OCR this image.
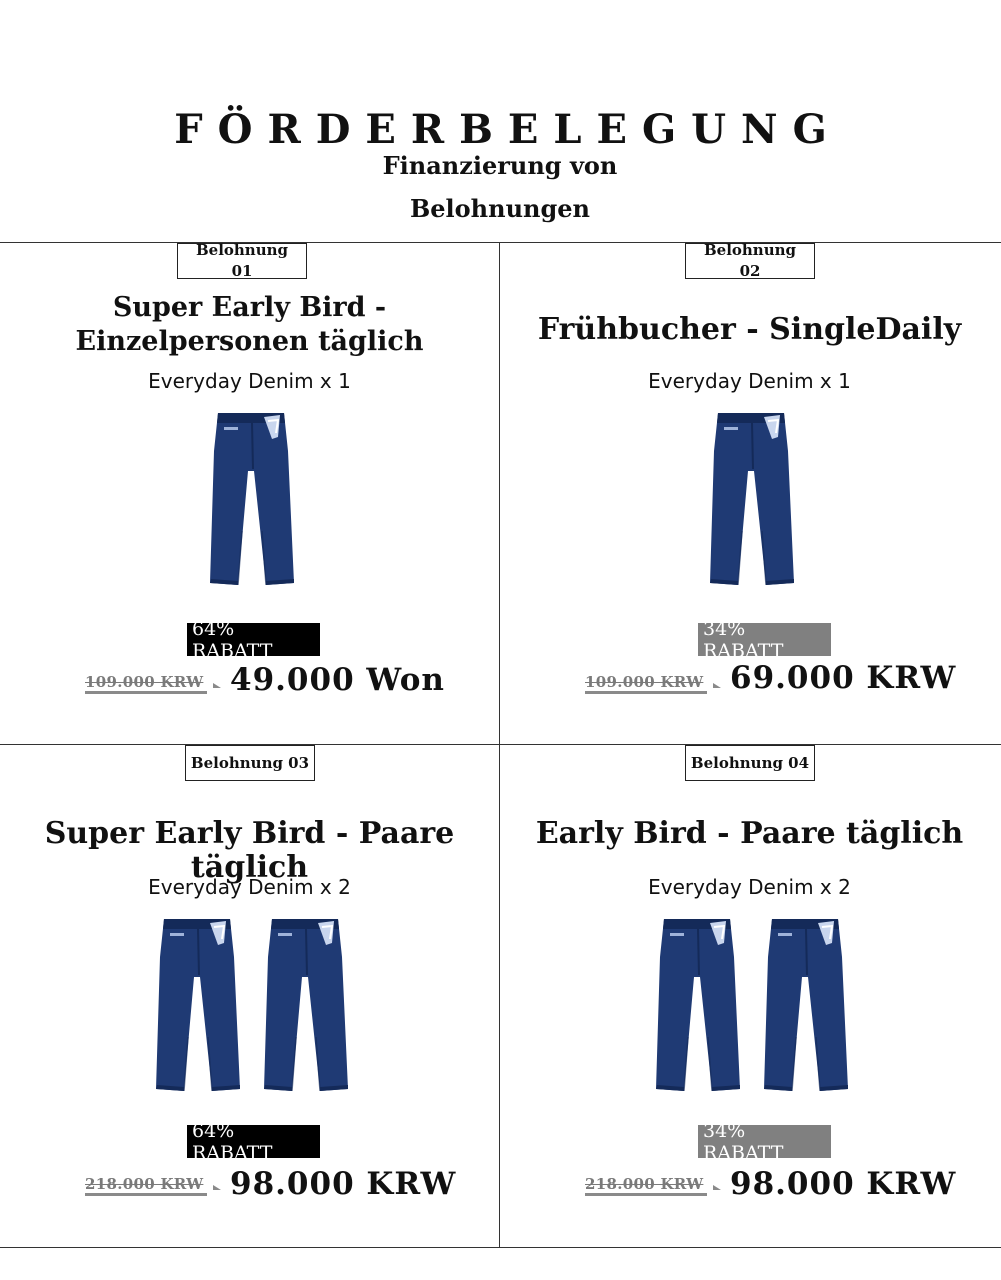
FÖRDERBELEGUNG
Finanzierung von
Belohnungen
Belohnung 01
Super Early Bird - Einzelpersonen täglich
Everyday Denim x 1
64% RABATT
109.000 KRW 49.000 Won
Belohnung 02
Frühbucher - SingleDaily
Everyday Denim x 1
34% RABATT
109.000 KRW 69.000 KRW
Belohnung 03
Super Early Bird - Paare täglich
Everyday Denim x 2
64% RABATT
218.000 KRW 98.000 KRW
Belohnung 04
Early Bird - Paare täglich
Everyday Denim x 2
34% RABATT
218.000 KRW 98.000 KRW
